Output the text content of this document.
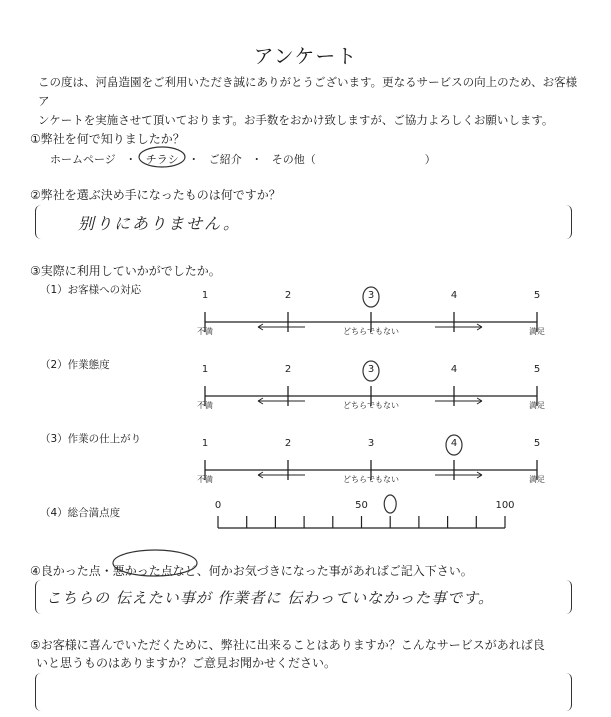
アンケート
この度は、河畠造園をご利用いただき誠にありがとうございます。更なるサービスの向上のため、お客様ア
ンケートを実施させて頂いております。お手数をおかけ致しますが、ご協力よろしくお願いします。
①弊社を何で知りましたか？
ホームページ ・ チラシ ・ ご紹介 ・ その他（	）
②弊社を選ぶ決め手になったものは何ですか？
别りにありません。
③実際に利用していかがでしたか。
（1）お客様への対応
（2）作業態度
（3）作業の仕上がり
（4）総合満点度
1	2	3	4	5
不満	どちらでもない	満足
1	2	3	4	5
不満	どちらでもない	満足
1	2	3	4	5
不満	どちらでもない	満足
0	50	100
④良かった点・悪かった点など、何かお気づきになった事があればご記入下さい。
こちらの 伝えたい事が 作業者に 伝わっていなかった事です。
⑤お客様に喜んでいただくために、弊社に出来ることはありますか？こんなサービスがあれば良
いと思うものはありますか？ご意見お聞かせください。
